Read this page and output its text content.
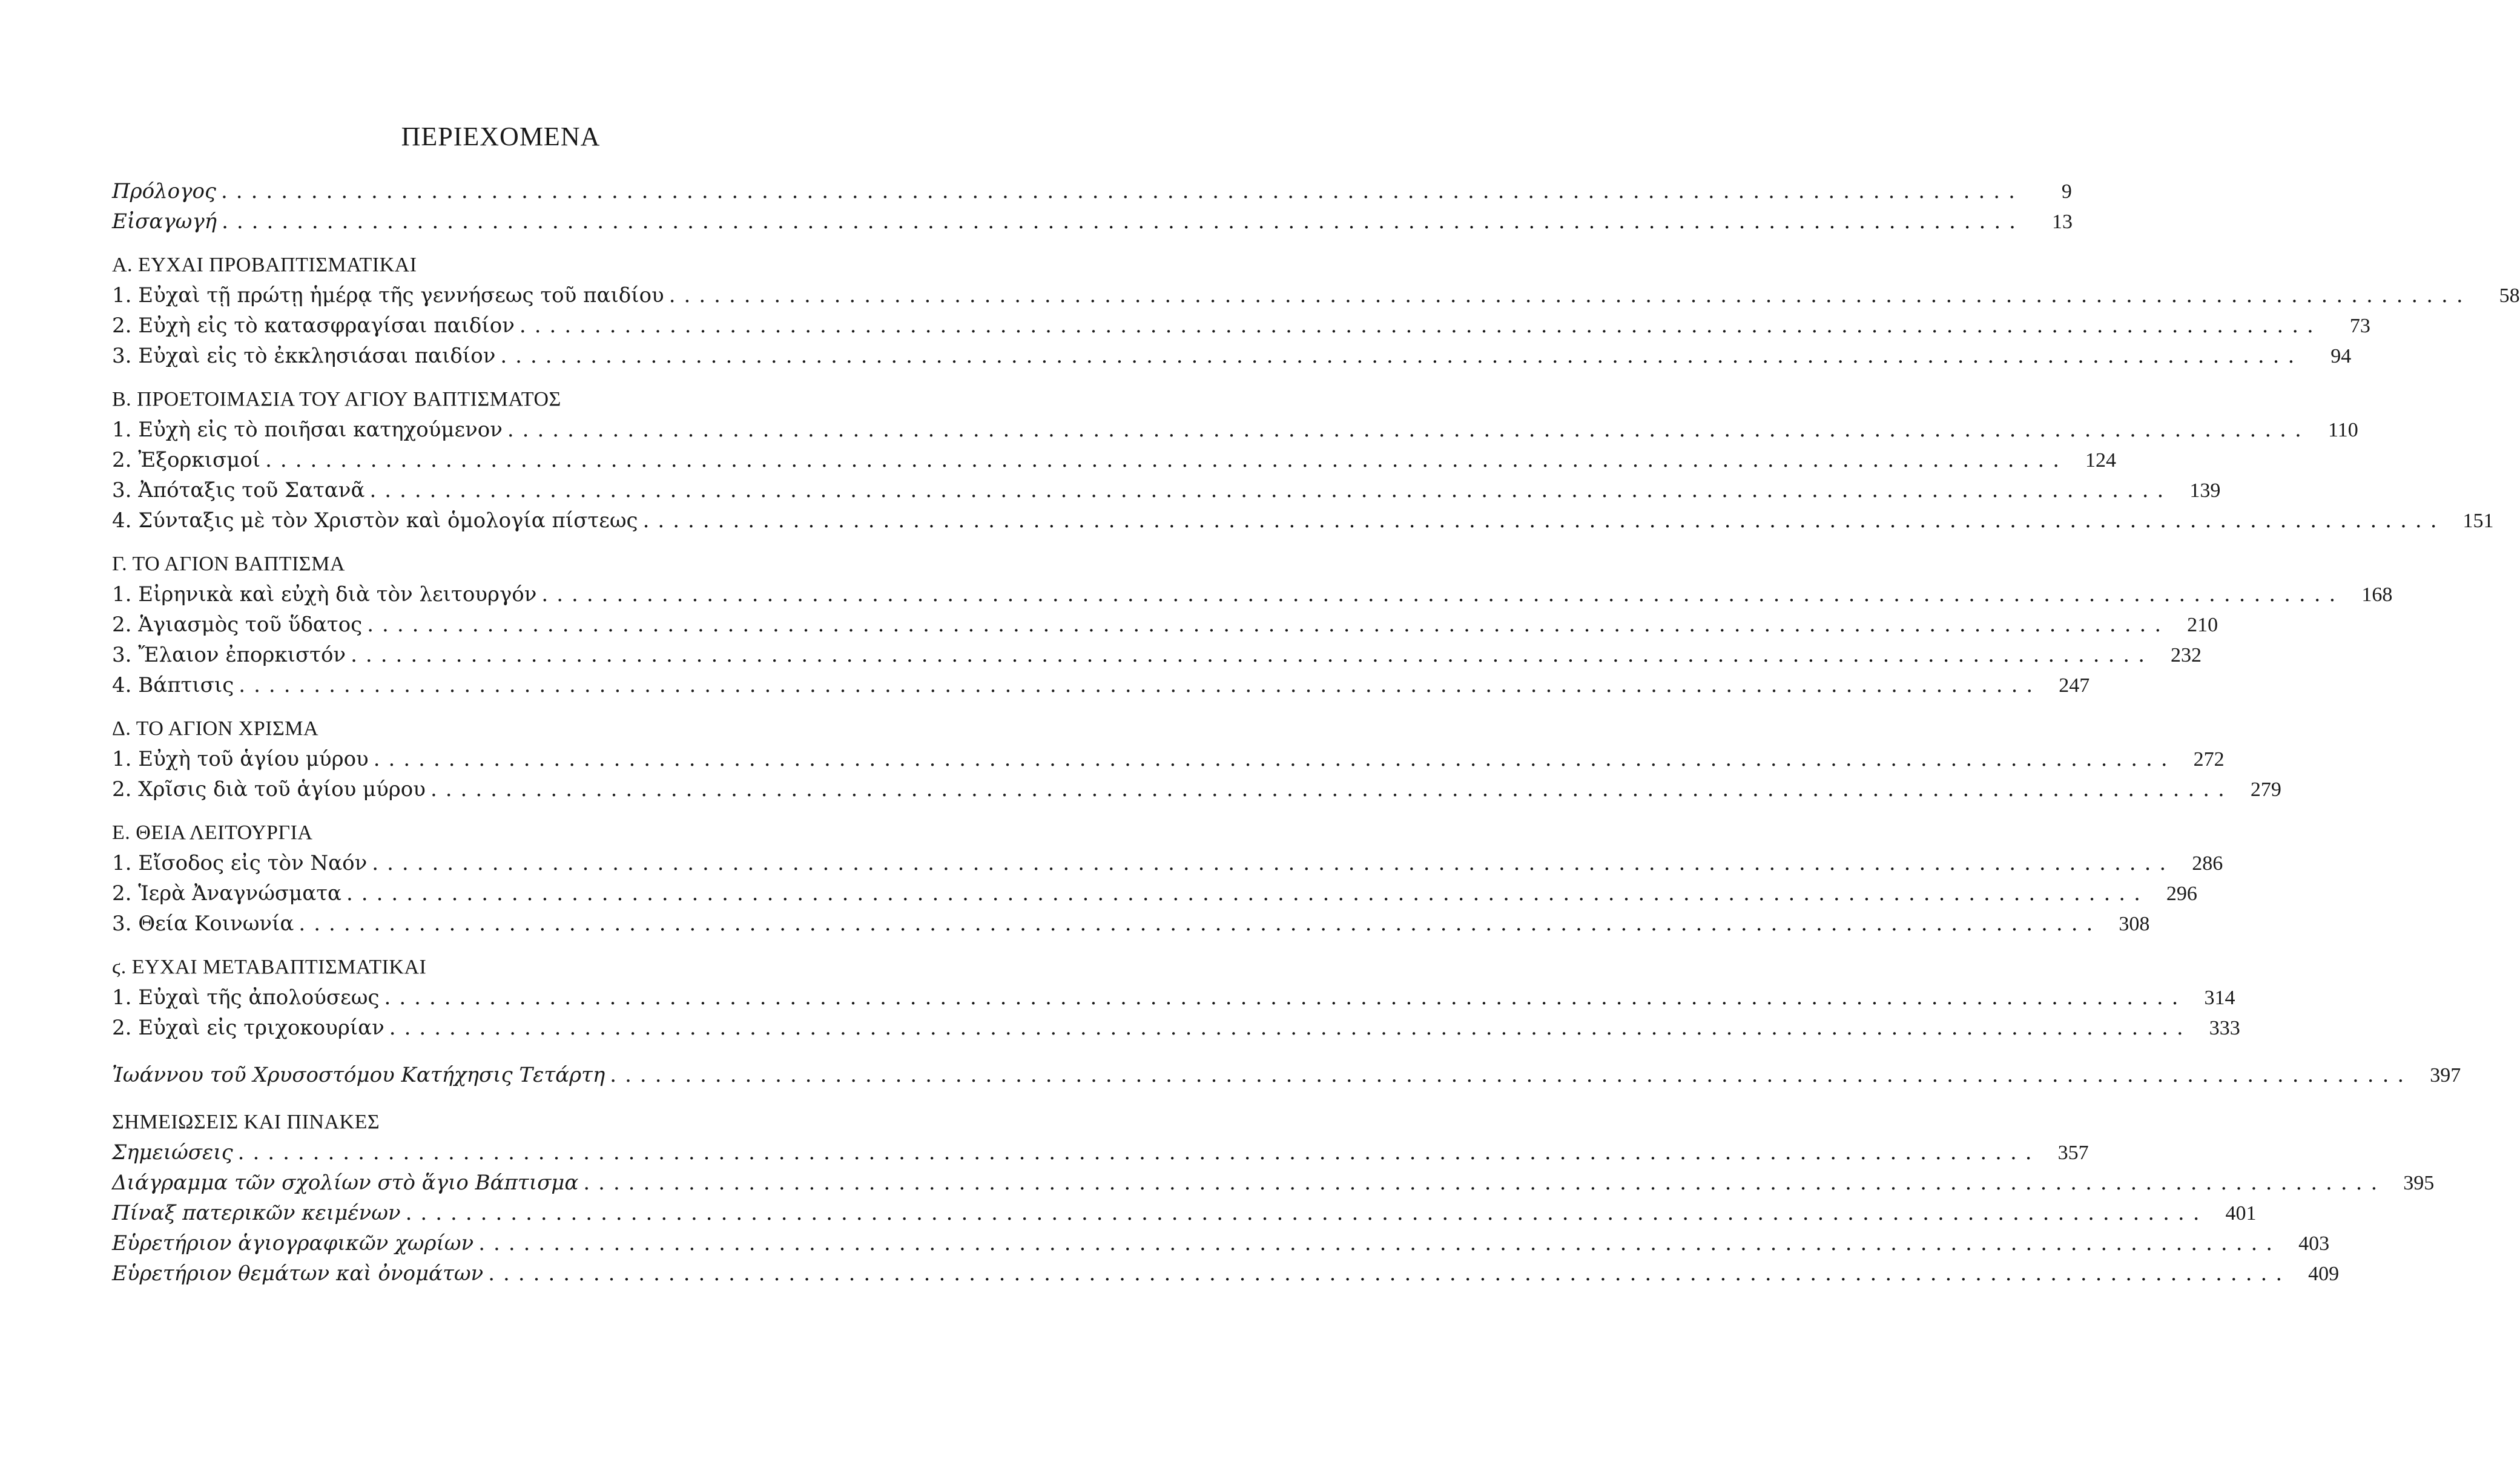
ΠΕΡΙΕΧΟΜΕΝΑ
Πρόλογος ........................................................................................................................	9
Εἰσαγωγή ........................................................................................................................	13
Α. ΕΥΧΑΙ ΠΡΟΒΑΠΤΙΣΜΑΤΙΚΑΙ
1. Εὐχαὶ τῇ πρώτῃ ἡμέρᾳ τῆς γεννήσεως τοῦ παιδίου ........................................................................................................................	58
2. Εὐχὴ εἰς τὸ κατασφραγίσαι παιδίον ........................................................................................................................	73
3. Εὐχαὶ εἰς τὸ ἐκκλησιάσαι παιδίον ........................................................................................................................	94
Β. ΠΡΟΕΤΟΙΜΑΣΙΑ ΤΟΥ ΑΓΙΟΥ ΒΑΠΤΙΣΜΑΤΟΣ
1. Εὐχὴ εἰς τὸ ποιῆσαι κατηχούμενον ........................................................................................................................ 110
2. Ἐξορκισμοί ........................................................................................................................ 124
3. Ἀπόταξις τοῦ Σατανᾶ ........................................................................................................................ 139
4. Σύνταξις μὲ τὸν Χριστὸν καὶ ὁμολογία πίστεως ........................................................................................................................ 151
Γ. ΤΟ ΑΓΙΟΝ ΒΑΠΤΙΣΜΑ
1. Εἰρηνικὰ καὶ εὐχὴ διὰ τὸν λειτουργόν ........................................................................................................................ 168
2. Ἁγιασμὸς τοῦ ὕδατος ........................................................................................................................ 210
3. Ἔλαιον ἐπορκιστόν ........................................................................................................................ 232
4. Βάπτισις ........................................................................................................................ 247
Δ. ΤΟ ΑΓΙΟΝ ΧΡΙΣΜΑ
1. Εὐχὴ τοῦ ἁγίου μύρου ........................................................................................................................ 272
2. Χρῖσις διὰ τοῦ ἁγίου μύρου ........................................................................................................................ 279
Ε. ΘΕΙΑ ΛΕΙΤΟΥΡΓΙΑ
1. Εἴσοδος εἰς τὸν Ναόν ........................................................................................................................ 286
2. Ἱερὰ Ἀναγνώσματα ........................................................................................................................ 296
3. Θεία Κοινωνία ........................................................................................................................ 308
ϛ. ΕΥΧΑΙ ΜΕΤΑΒΑΠΤΙΣΜΑΤΙΚΑΙ
1. Εὐχαὶ τῆς ἀπολούσεως ........................................................................................................................ 314
2. Εὐχαὶ εἰς τριχοκουρίαν ........................................................................................................................ 333
Ἰωάννου τοῦ Χρυσοστόμου Κατήχησις Τετάρτη ........................................................................................................................ 397
ΣΗΜΕΙΩΣΕΙΣ ΚΑΙ ΠΙΝΑΚΕΣ
Σημειώσεις ........................................................................................................................ 357
Διάγραμμα τῶν σχολίων στὸ ἅγιο Βάπτισμα ........................................................................................................................ 395
Πίναξ πατερικῶν κειμένων ........................................................................................................................ 401
Εὑρετήριον ἁγιογραφικῶν χωρίων ........................................................................................................................ 403
Εὑρετήριον θεμάτων καὶ ὀνομάτων ........................................................................................................................ 409
